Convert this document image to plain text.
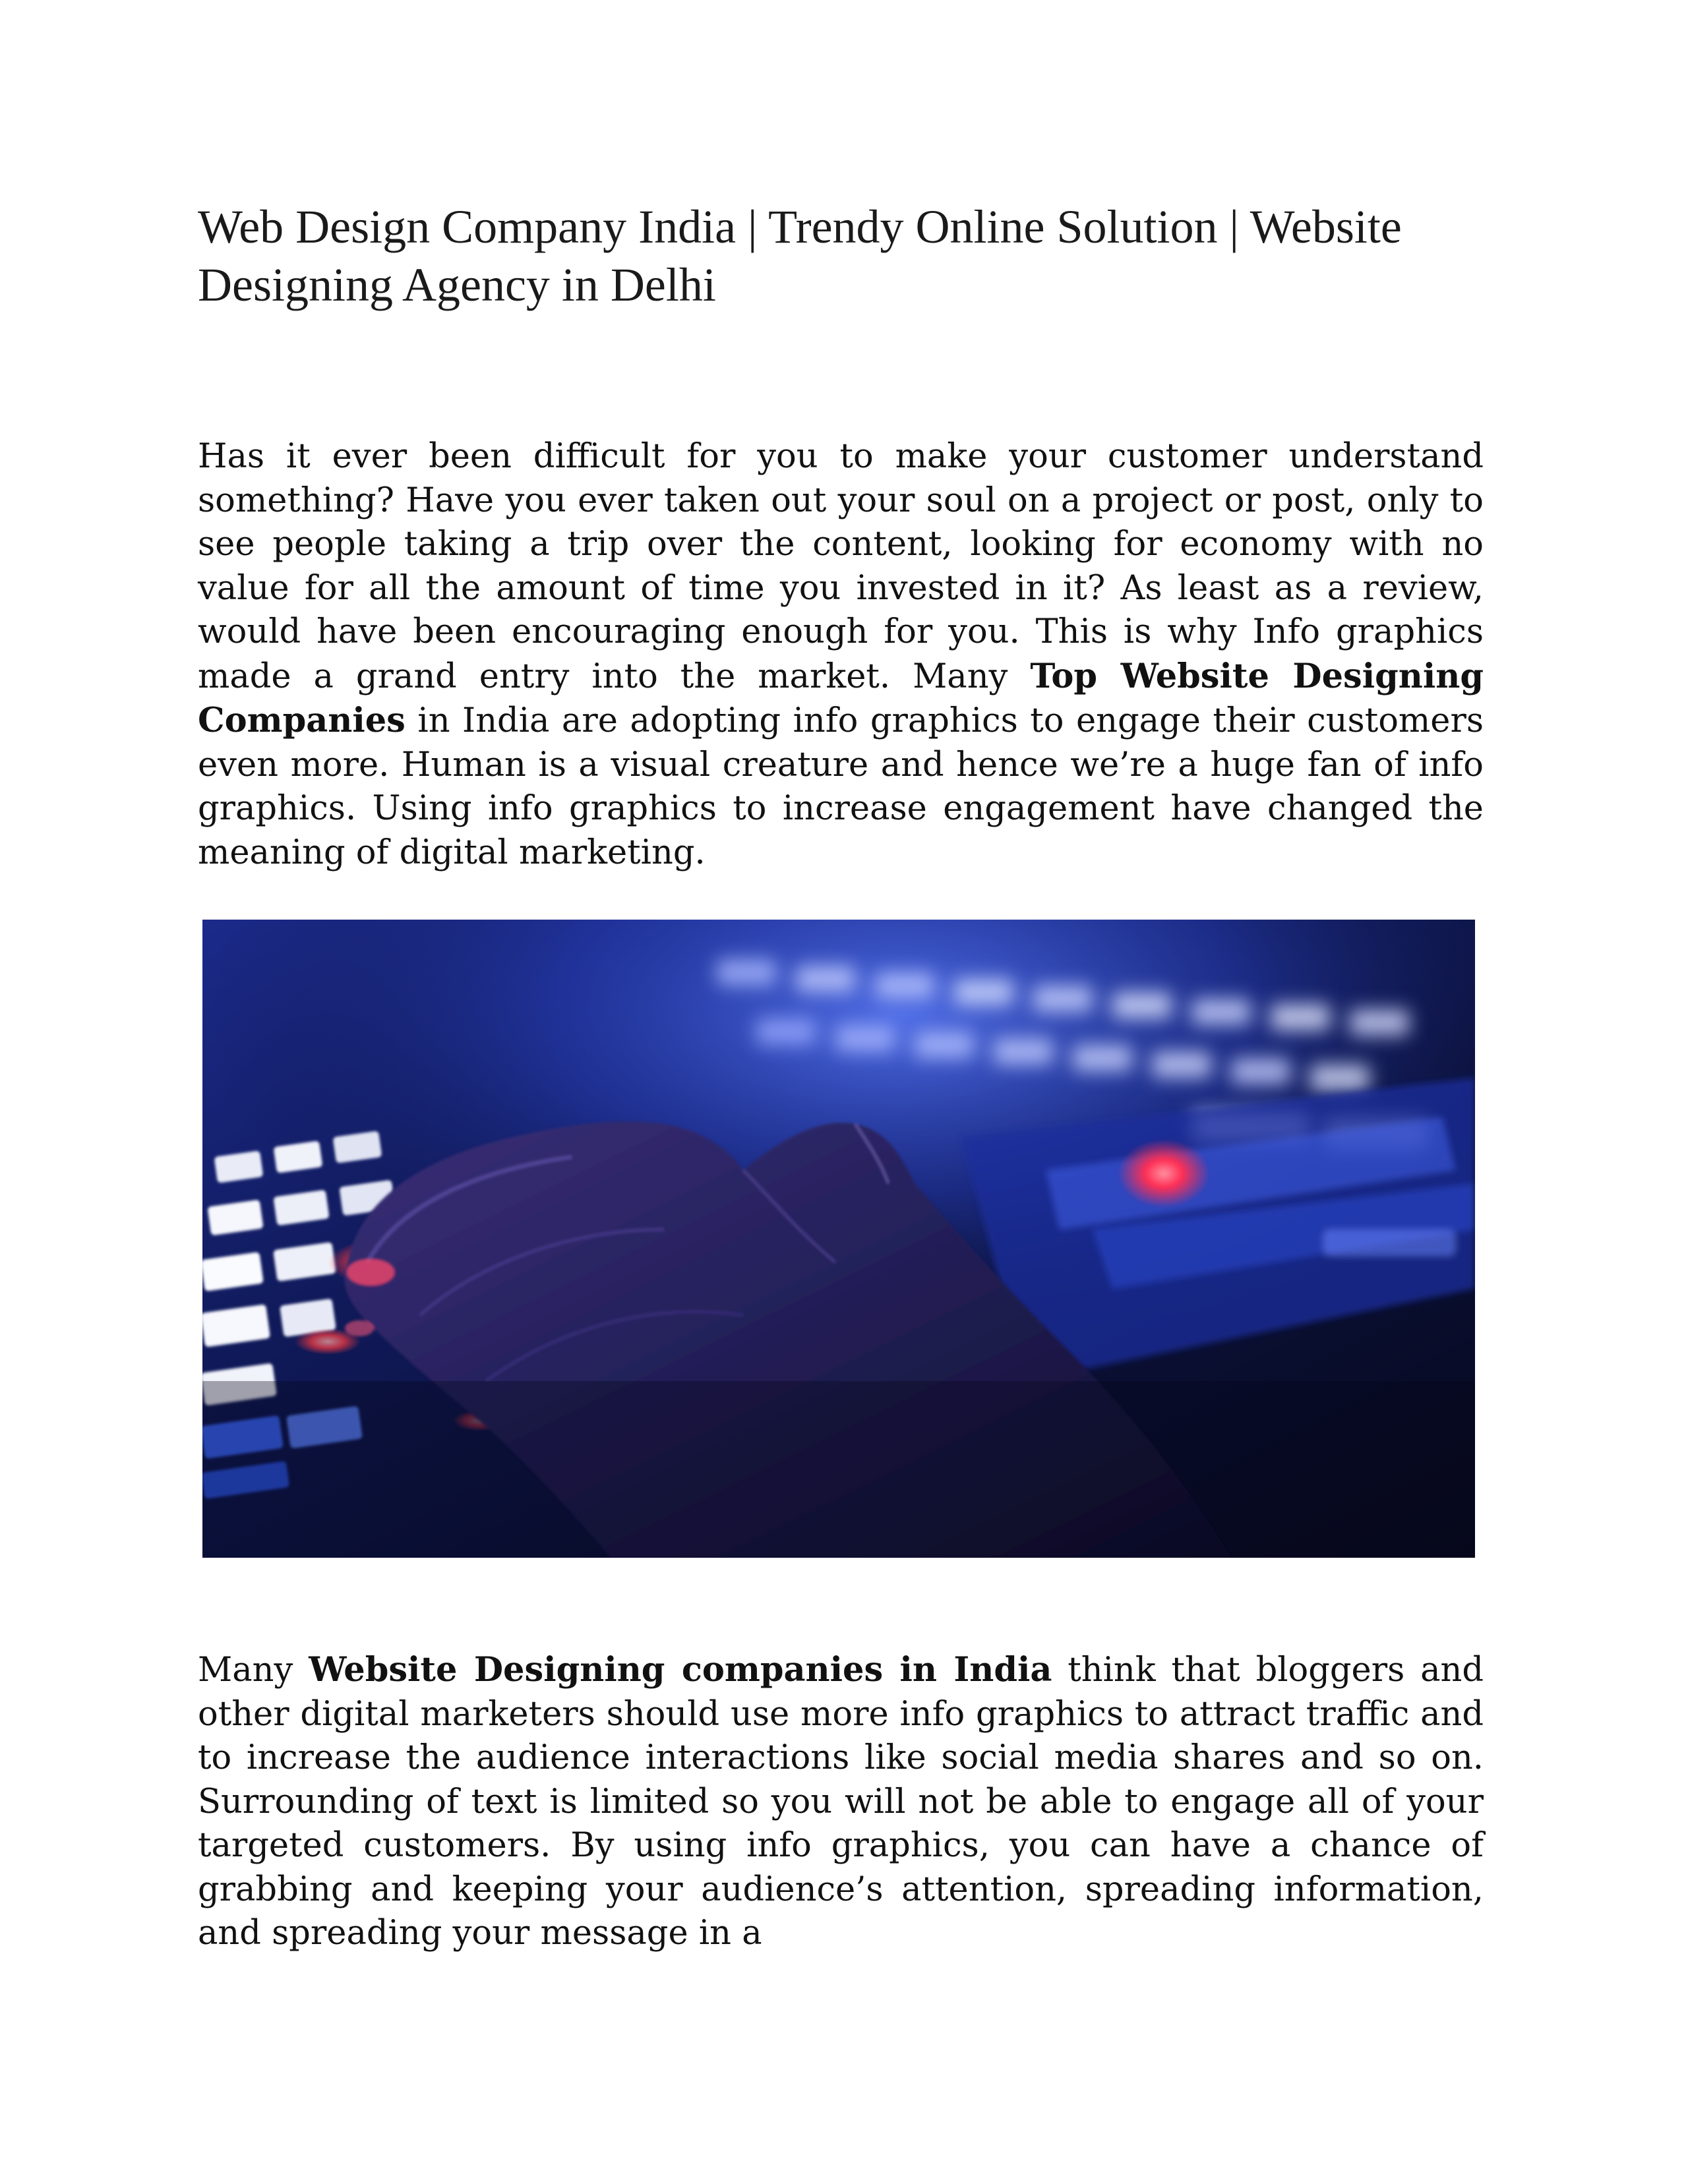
Web Design Company India | Trendy Online Solution | Website Designing Agency in Delhi

Has it ever been difficult for you to make your customer understand something? Have you ever taken out your soul on a project or post, only to see people taking a trip over the content, looking for economy with no value for all the amount of time you invested in it? As least as a review, would have been encouraging enough for you. This is why Info graphics made a grand entry into the market. Many Top Website Designing Companies in India are adopting info graphics to engage their customers even more. Human is a visual creature and hence we’re a huge fan of info graphics. Using info graphics to increase engagement have changed the meaning of digital marketing.

Many Website Designing companies in India think that bloggers and other digital marketers should use more info graphics to attract traffic and to increase the audience interactions like social media shares and so on. Surrounding of text is limited so you will not be able to engage all of your targeted customers. By using info graphics, you can have a chance of grabbing and keeping your audience’s attention, spreading information, and spreading your message in a
